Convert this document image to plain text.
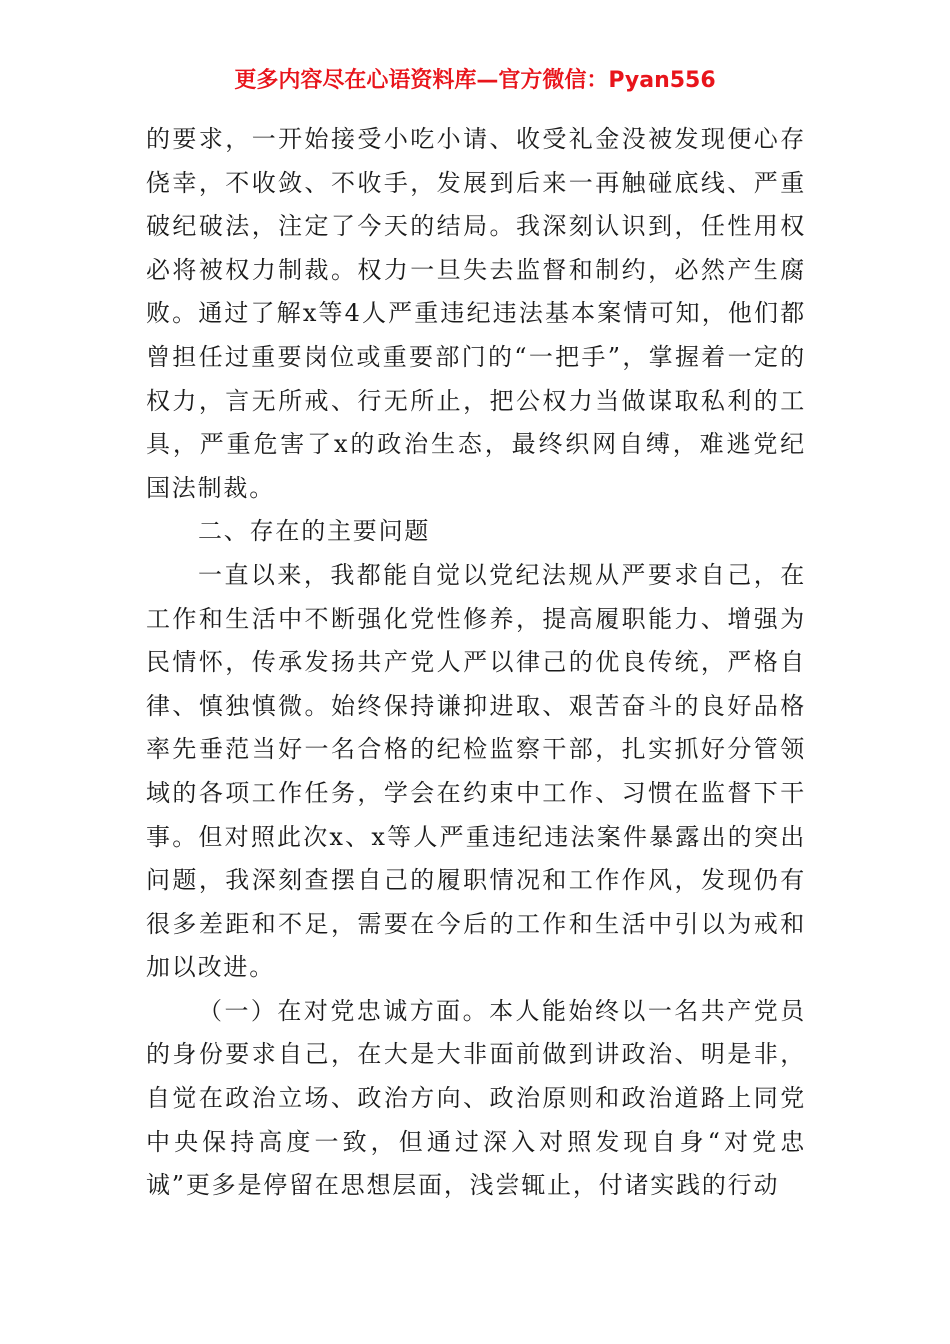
更多内容尽在心语资料库—官方微信：Pyan556

的要求，一开始接受小吃小请、收受礼金没被发现便心存侥幸，不收敛、不收手，发展到后来一再触碰底线、严重破纪破法，注定了今天的结局。我深刻认识到，任性用权必将被权力制裁。权力一旦失去监督和制约，必然产生腐败。通过了解x等4人严重违纪违法基本案情可知，他们都曾担任过重要岗位或重要部门的“一把手”，掌握着一定的权力，言无所戒、行无所止，把公权力当做谋取私利的工具，严重危害了x的政治生态，最终织网自缚，难逃党纪国法制裁。

二、存在的主要问题

一直以来，我都能自觉以党纪法规从严要求自己，在工作和生活中不断强化党性修养，提高履职能力、增强为民情怀，传承发扬共产党人严以律己的优良传统，严格自律、慎独慎微。始终保持谦抑进取、艰苦奋斗的良好品格率先垂范当好一名合格的纪检监察干部，扎实抓好分管领域的各项工作任务，学会在约束中工作、习惯在监督下干事。但对照此次x、x等人严重违纪违法案件暴露出的突出问题，我深刻查摆自己的履职情况和工作作风，发现仍有很多差距和不足，需要在今后的工作和生活中引以为戒和加以改进。

（一）在对党忠诚方面。本人能始终以一名共产党员的身份要求自己，在大是大非面前做到讲政治、明是非，自觉在政治立场、政治方向、政治原则和政治道路上同党中央保持高度一致，但通过深入对照发现自身“对党忠诚”更多是停留在思想层面，浅尝辄止，付诸实践的行动
